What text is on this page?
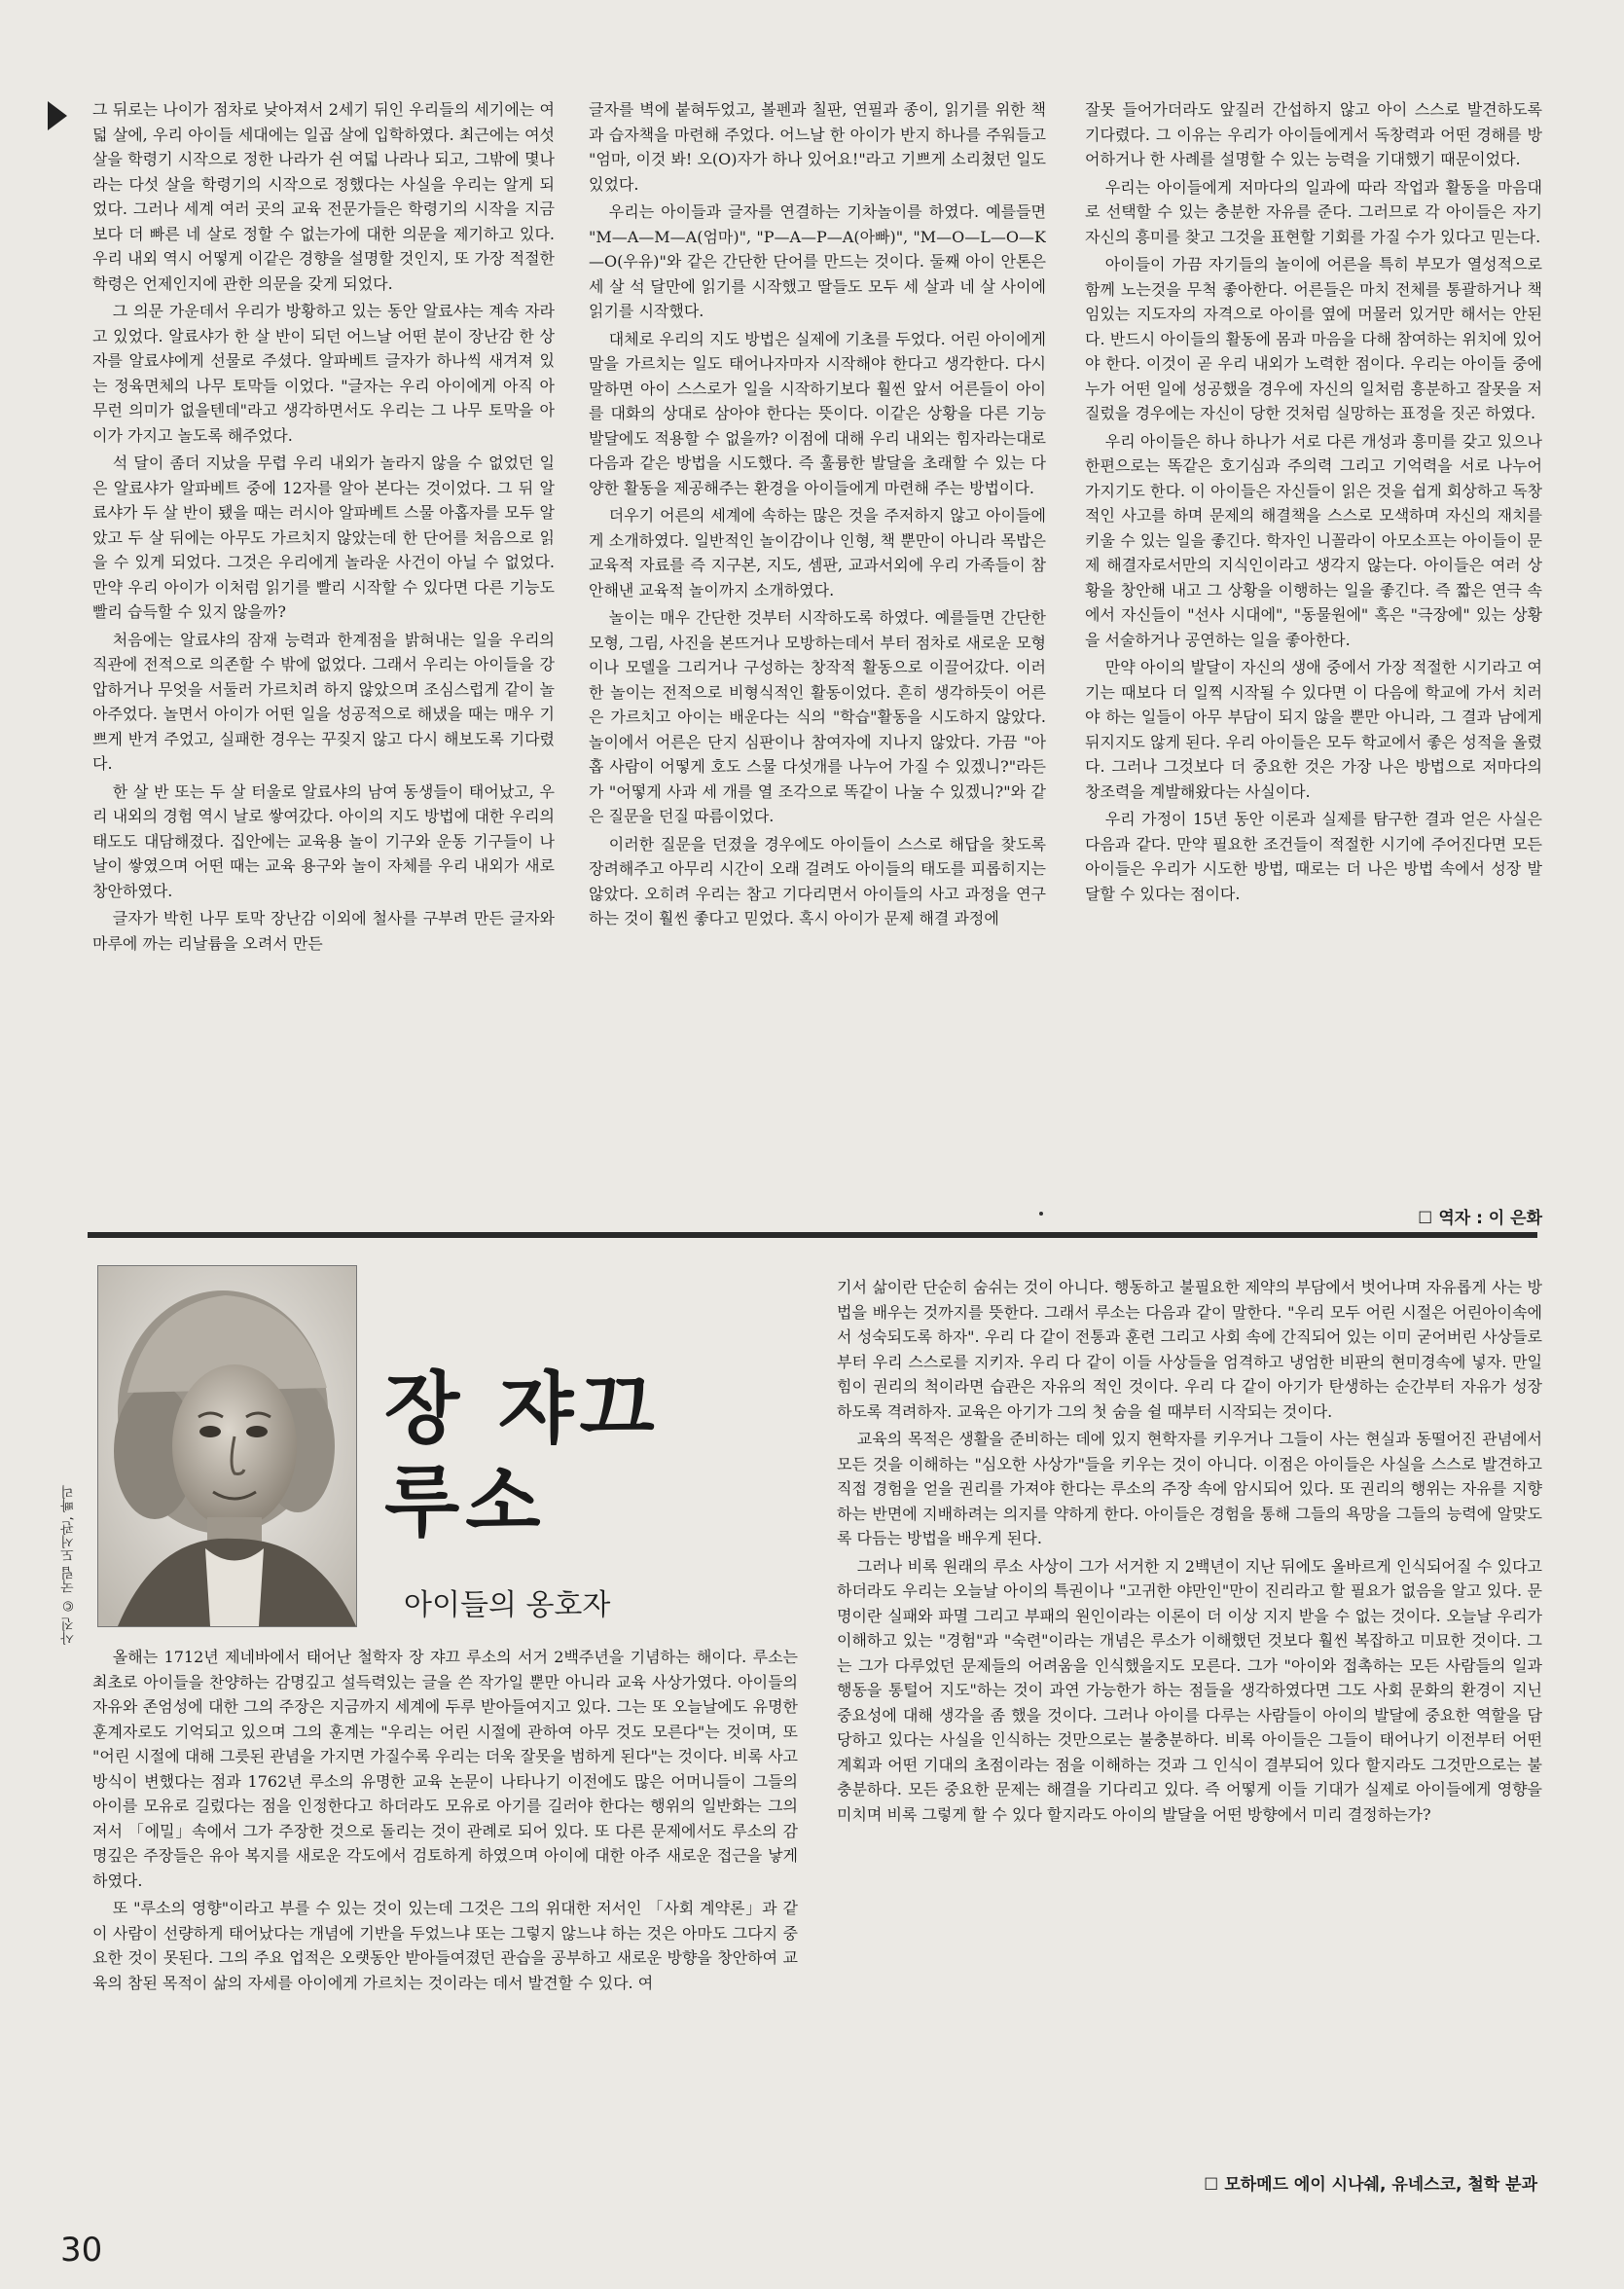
그 뒤로는 나이가 점차로 낮아져서 2세기 뒤인 우리들의 세기에는 여덟 살에, 우리 아이들 세대에는 일곱 살에 입학하였다. 최근에는 여섯 살을 학령기 시작으로 정한 나라가 쉰 여덟 나라나 되고, 그밖에 몇나라는 다섯 살을 학령기의 시작으로 정했다는 사실을 우리는 알게 되었다. 그러나 세계 여러 곳의 교육 전문가들은 학령기의 시작을 지금보다 더 빠른 네 살로 정할 수 없는가에 대한 의문을 제기하고 있다. 우리 내외 역시 어떻게 이같은 경향을 설명할 것인지, 또 가장 적절한 학령은 언제인지에 관한 의문을 갖게 되었다.

그 의문 가운데서 우리가 방황하고 있는 동안 알료샤는 계속 자라고 있었다. 알료샤가 한 살 반이 되던 어느날 어떤 분이 장난감 한 상자를 알료샤에게 선물로 주셨다. 알파베트 글자가 하나씩 새겨져 있는 정육면체의 나무 토막들 이었다. "글자는 우리 아이에게 아직 아무런 의미가 없을텐데"라고 생각하면서도 우리는 그 나무 토막을 아이가 가지고 놀도록 해주었다.

석 달이 좀더 지났을 무렵 우리 내외가 놀라지 않을 수 없었던 일은 알료샤가 알파베트 중에 12자를 알아 본다는 것이었다. 그 뒤 알료샤가 두 살 반이 됐을 때는 러시아 알파베트 스물 아홉자를 모두 알았고 두 살 뒤에는 아무도 가르치지 않았는데 한 단어를 처음으로 읽을 수 있게 되었다. 그것은 우리에게 놀라운 사건이 아닐 수 없었다. 만약 우리 아이가 이처럼 읽기를 빨리 시작할 수 있다면 다른 기능도 빨리 습득할 수 있지 않을까?

처음에는 알료샤의 잠재 능력과 한계점을 밝혀내는 일을 우리의 직관에 전적으로 의존할 수 밖에 없었다. 그래서 우리는 아이들을 강압하거나 무엇을 서둘러 가르치려 하지 않았으며 조심스럽게 같이 놀아주었다. 놀면서 아이가 어떤 일을 성공적으로 해냈을 때는 매우 기쁘게 반겨 주었고, 실패한 경우는 꾸짖지 않고 다시 해보도록 기다렸다.

한 살 반 또는 두 살 터울로 알료샤의 남여 동생들이 태어났고, 우리 내외의 경험 역시 날로 쌓여갔다. 아이의 지도 방법에 대한 우리의 태도도 대담해졌다. 집안에는 교육용 놀이 기구와 운동 기구들이 나날이 쌓였으며 어떤 때는 교육 용구와 놀이 자체를 우리 내외가 새로 창안하였다.

글자가 박힌 나무 토막 장난감 이외에 철사를 구부려 만든 글자와 마루에 까는 리날륨을 오려서 만든

글자를 벽에 붙혀두었고, 볼펜과 칠판, 연필과 종이, 읽기를 위한 책과 습자책을 마련해 주었다. 어느날 한 아이가 반지 하나를 주워들고 "엄마, 이것 봐! 오(O)자가 하나 있어요!"라고 기쁘게 소리쳤던 일도 있었다.

우리는 아이들과 글자를 연결하는 기차놀이를 하였다. 예를들면 "M—A—M—A(엄마)", "P—A—P—A(아빠)", "M—O—L—O—K—O(우유)"와 같은 간단한 단어를 만드는 것이다. 둘째 아이 안톤은 세 살 석 달만에 읽기를 시작했고 딸들도 모두 세 살과 네 살 사이에 읽기를 시작했다.

대체로 우리의 지도 방법은 실제에 기초를 두었다. 어린 아이에게 말을 가르치는 일도 태어나자마자 시작해야 한다고 생각한다. 다시 말하면 아이 스스로가 일을 시작하기보다 훨씬 앞서 어른들이 아이를 대화의 상대로 삼아야 한다는 뜻이다. 이같은 상황을 다른 기능 발달에도 적용할 수 없을까? 이점에 대해 우리 내외는 힘자라는대로 다음과 같은 방법을 시도했다. 즉 훌륭한 발달을 초래할 수 있는 다양한 활동을 제공해주는 환경을 아이들에게 마련해 주는 방법이다.

더우기 어른의 세계에 속하는 많은 것을 주저하지 않고 아이들에게 소개하였다. 일반적인 놀이감이나 인형, 책 뿐만이 아니라 목밥은 교육적 자료를 즉 지구본, 지도, 셈판, 교과서외에 우리 가족들이 참안해낸 교육적 놀이까지 소개하였다.

놀이는 매우 간단한 것부터 시작하도록 하였다. 예를들면 간단한 모형, 그림, 사진을 본뜨거나 모방하는데서 부터 점차로 새로운 모형이나 모델을 그리거나 구성하는 창작적 활동으로 이끌어갔다. 이러한 놀이는 전적으로 비형식적인 활동이었다. 흔히 생각하듯이 어른은 가르치고 아이는 배운다는 식의 "학습"활동을 시도하지 않았다. 놀이에서 어른은 단지 심판이나 참여자에 지나지 않았다. 가끔 "아홉 사람이 어떻게 호도 스물 다섯개를 나누어 가질 수 있겠니?"라든가 "어떻게 사과 세 개를 열 조각으로 똑같이 나눌 수 있겠니?"와 같은 질문을 던질 따름이었다.

이러한 질문을 던졌을 경우에도 아이들이 스스로 해답을 찾도록 장려해주고 아무리 시간이 오래 걸려도 아이들의 태도를 피롭히지는 않았다. 오히려 우리는 참고 기다리면서 아이들의 사고 과정을 연구하는 것이 훨씬 좋다고 믿었다. 혹시 아이가 문제 해결 과정에

잘못 들어가더라도 앞질러 간섭하지 않고 아이 스스로 발견하도록 기다렸다. 그 이유는 우리가 아이들에게서 독창력과 어떤 경해를 방어하거나 한 사례를 설명할 수 있는 능력을 기대했기 때문이었다.

우리는 아이들에게 저마다의 일과에 따라 작업과 활동을 마음대로 선택할 수 있는 충분한 자유를 준다. 그러므로 각 아이들은 자기 자신의 흥미를 찾고 그것을 표현할 기회를 가질 수가 있다고 믿는다.

아이들이 가끔 자기들의 놀이에 어른을 특히 부모가 열성적으로 함께 노는것을 무척 좋아한다. 어른들은 마치 전체를 통괄하거나 책임있는 지도자의 자격으로 아이를 옆에 머물러 있거만 해서는 안된다. 반드시 아이들의 활동에 몸과 마음을 다해 참여하는 위치에 있어야 한다. 이것이 곧 우리 내외가 노력한 점이다. 우리는 아이들 중에 누가 어떤 일에 성공했을 경우에 자신의 일처럼 흥분하고 잘못을 저질렀을 경우에는 자신이 당한 것처럼 실망하는 표정을 짓곤 하였다.

우리 아이들은 하나 하나가 서로 다른 개성과 흥미를 갖고 있으나 한편으로는 똑같은 호기심과 주의력 그리고 기억력을 서로 나누어 가지기도 한다. 이 아이들은 자신들이 읽은 것을 쉽게 회상하고 독창적인 사고를 하며 문제의 해결책을 스스로 모색하며 자신의 재치를 키울 수 있는 일을 좋긴다. 학자인 니꼴라이 아모소프는 아이들이 문제 해결자로서만의 지식인이라고 생각지 않는다. 아이들은 여러 상황을 창안해 내고 그 상황을 이행하는 일을 좋긴다. 즉 짧은 연극 속에서 자신들이 "선사 시대에", "동물원에" 혹은 "극장에" 있는 상황을 서술하거나 공연하는 일을 좋아한다.

만약 아이의 발달이 자신의 생애 중에서 가장 적절한 시기라고 여기는 때보다 더 일찍 시작될 수 있다면 이 다음에 학교에 가서 치러야 하는 일들이 아무 부담이 되지 않을 뿐만 아니라, 그 결과 남에게 뒤지지도 않게 된다. 우리 아이들은 모두 학교에서 좋은 성적을 올렸다. 그러나 그것보다 더 중요한 것은 가장 나은 방법으로 저마다의 창조력을 계발해왔다는 사실이다.

우리 가정이 15년 동안 이론과 실제를 탐구한 결과 얻은 사실은 다음과 같다. 만약 필요한 조건들이 적절한 시기에 주어진다면 모든 아이들은 우리가 시도한 방법, 때로는 더 나은 방법 속에서 성장 발달할 수 있다는 점이다.

☐ 역자 : 이 은화
사진 © 국립 도서관, 빠리
장 쟈끄
루소
아이들의 옹호자

기서 삶이란 단순히 숨쉬는 것이 아니다. 행동하고 불필요한 제약의 부담에서 벗어나며 자유롭게 사는 방법을 배우는 것까지를 뜻한다. 그래서 루소는 다음과 같이 말한다. "우리 모두 어린 시절은 어린아이속에서 성숙되도록 하자". 우리 다 같이 전통과 훈련 그리고 사회 속에 간직되어 있는 이미 굳어버린 사상들로부터 우리 스스로를 지키자. 우리 다 같이 이들 사상들을 엄격하고 냉엄한 비판의 현미경속에 넣자. 만일 힘이 권리의 척이라면 습관은 자유의 적인 것이다. 우리 다 같이 아기가 탄생하는 순간부터 자유가 성장하도록 격려하자. 교육은 아기가 그의 첫 숨을 쉴 때부터 시작되는 것이다.

교육의 목적은 생활을 준비하는 데에 있지 현학자를 키우거나 그들이 사는 현실과 동떨어진 관념에서 모든 것을 이해하는 "심오한 사상가"들을 키우는 것이 아니다. 이점은 아이들은 사실을 스스로 발견하고 직접 경험을 얻을 권리를 가져야 한다는 루소의 주장 속에 암시되어 있다. 또 권리의 행위는 자유를 지향하는 반면에 지배하려는 의지를 약하게 한다. 아이들은 경험을 통해 그들의 욕망을 그들의 능력에 알맞도록 다듬는 방법을 배우게 된다.

그러나 비록 원래의 루소 사상이 그가 서거한 지 2백년이 지난 뒤에도 올바르게 인식되어질 수 있다고 하더라도 우리는 오늘날 아이의 특권이나 "고귀한 야만인"만이 진리라고 할 필요가 없음을 알고 있다. 문명이란 실패와 파멸 그리고 부패의 원인이라는 이론이 더 이상 지지 받을 수 없는 것이다. 오늘날 우리가 이해하고 있는 "경험"과 "숙련"이라는 개념은 루소가 이해했던 것보다 훨씬 복잡하고 미묘한 것이다. 그는 그가 다루었던 문제들의 어려움을 인식했을지도 모른다. 그가 "아이와 접촉하는 모든 사람들의 일과 행동을 통털어 지도"하는 것이 과연 가능한가 하는 점들을 생각하였다면 그도 사회 문화의 환경이 지닌 중요성에 대해 생각을 좀 했을 것이다. 그러나 아이를 다루는 사람들이 아이의 발달에 중요한 역할을 담당하고 있다는 사실을 인식하는 것만으로는 불충분하다. 비록 아이들은 그들이 태어나기 이전부터 어떤 계획과 어떤 기대의 초점이라는 점을 이해하는 것과 그 인식이 결부되어 있다 할지라도 그것만으로는 불충분하다. 모든 중요한 문제는 해결을 기다리고 있다. 즉 어떻게 이들 기대가 실제로 아이들에게 영향을 미치며 비록 그렇게 할 수 있다 할지라도 아이의 발달을 어떤 방향에서 미리 결정하는가?

올해는 1712년 제네바에서 태어난 철학자 장 쟈끄 루소의 서거 2백주년을 기념하는 해이다. 루소는 최초로 아이들을 찬양하는 감명깊고 설득력있는 글을 쓴 작가일 뿐만 아니라 교육 사상가였다. 아이들의 자유와 존엄성에 대한 그의 주장은 지금까지 세계에 두루 받아들여지고 있다. 그는 또 오늘날에도 유명한 훈계자로도 기억되고 있으며 그의 훈계는 "우리는 어린 시절에 관하여 아무 것도 모른다"는 것이며, 또 "어린 시절에 대해 그릇된 관념을 가지면 가질수록 우리는 더욱 잘못을 범하게 된다"는 것이다. 비록 사고 방식이 변했다는 점과 1762년 루소의 유명한 교육 논문이 나타나기 이전에도 많은 어머니들이 그들의 아이를 모유로 길렀다는 점을 인정한다고 하더라도 모유로 아기를 길러야 한다는 행위의 일반화는 그의 저서 「에밀」속에서 그가 주장한 것으로 돌리는 것이 관례로 되어 있다. 또 다른 문제에서도 루소의 감명깊은 주장들은 유아 복지를 새로운 각도에서 검토하게 하였으며 아이에 대한 아주 새로운 접근을 낳게 하였다.

또 "루소의 영향"이라고 부를 수 있는 것이 있는데 그것은 그의 위대한 저서인 「사회 계약론」과 같이 사람이 선량하게 태어났다는 개념에 기반을 두었느냐 또는 그렇지 않느냐 하는 것은 아마도 그다지 중요한 것이 못된다. 그의 주요 업적은 오랫동안 받아들여졌던 관습을 공부하고 새로운 방향을 창안하여 교육의 참된 목적이 삶의 자세를 아이에게 가르치는 것이라는 데서 발견할 수 있다. 여

☐ 모하메드 에이 시나쉐, 유네스코, 철학 분과
30
